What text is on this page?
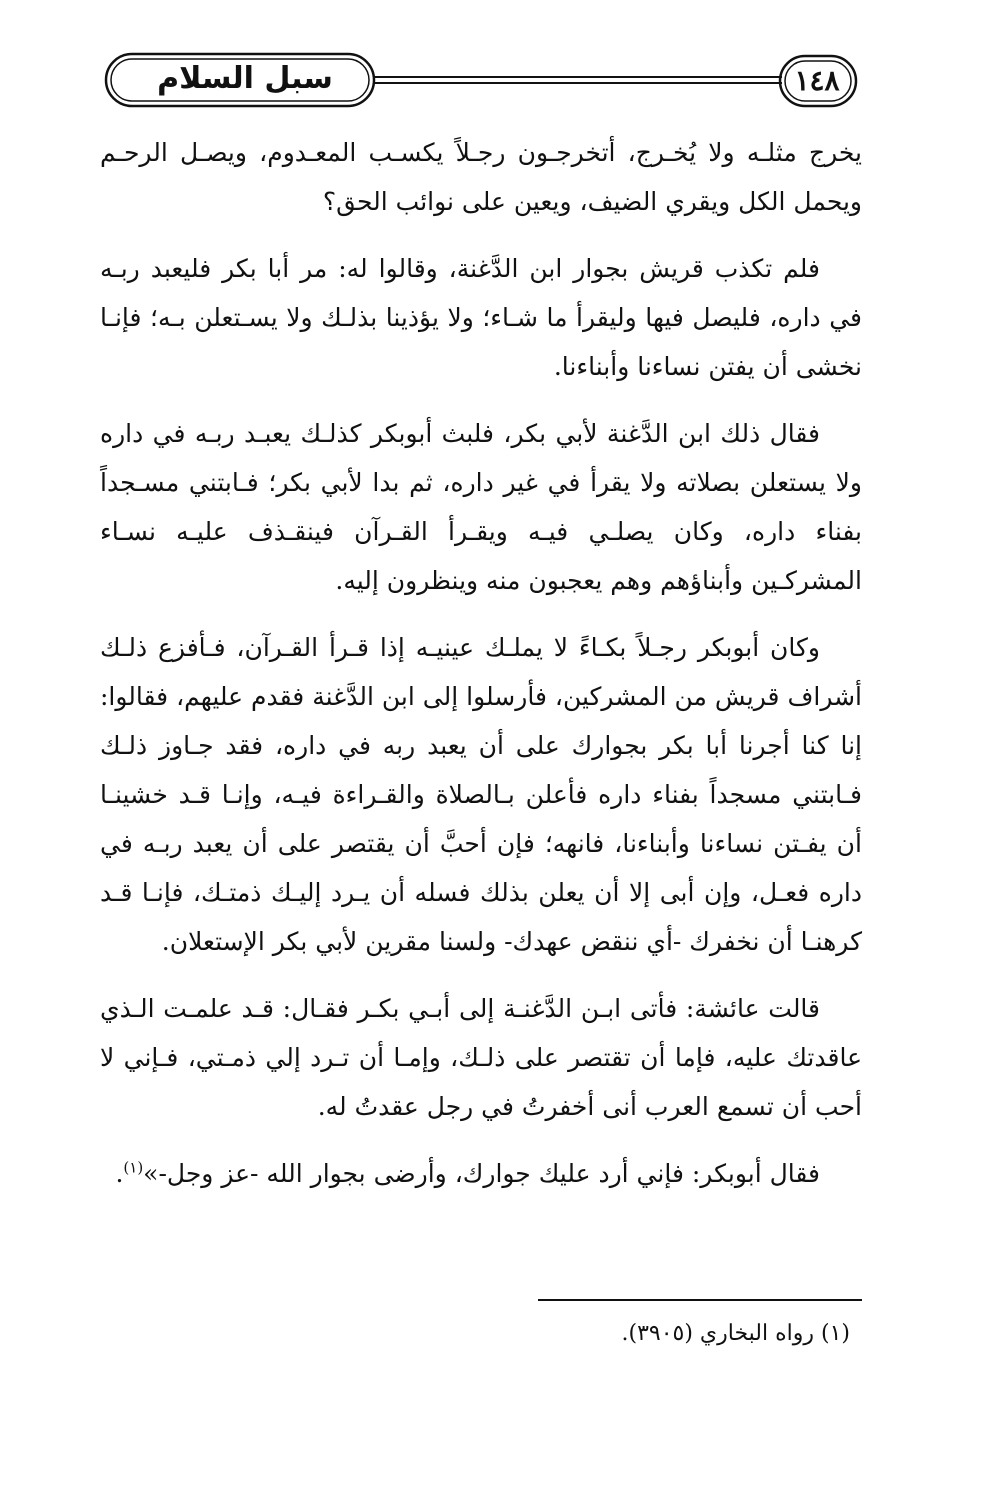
سبل السلام	١٤٨

يخرج مثلـه ولا يُخـرج، أتخرجـون رجـلاً يكسـب المعـدوم، ويصـل الرحـم ويحمل الكل ويقري الضيف، ويعين على نوائب الحق؟

فلم تكذب قريش بجوار ابن الدَّغنة، وقالوا له: مر أبا بكر فليعبد ربـه في داره، فليصل فيها وليقرأ ما شـاء؛ ولا يؤذينا بذلـك ولا يسـتعلن بـه؛ فإنـا نخشى أن يفتن نساءنا وأبناءنا.

فقال ذلك ابن الدَّغنة لأبي بكر، فلبث أبوبكر كذلـك يعبـد ربـه في داره ولا يستعلن بصلاته ولا يقرأ في غير داره، ثم بدا لأبي بكر؛ فـابتني مسـجداً بفناء داره، وكان يصلـي فيـه ويقـرأ القـرآن فينقـذف عليـه نسـاء المشركـين وأبناؤهم وهم يعجبون منه وينظرون إليه.

وكان أبوبكر رجـلاً بكـاءً لا يملـك عينيـه إذا قـرأ القـرآن، فـأفزع ذلـك أشراف قريش من المشركين، فأرسلوا إلى ابن الدَّغنة فقدم عليهم، فقالوا: إنا كنا أجرنا أبا بكر بجوارك على أن يعبد ربه في داره، فقد جـاوز ذلـك فـابتني مسجداً بفناء داره فأعلن بـالصلاة والقـراءة فيـه، وإنـا قـد خشينـا أن يفـتن نساءنا وأبناءنا، فانهه؛ فإن أحبَّ أن يقتصر على أن يعبد ربـه في داره فعـل، وإن أبى إلا أن يعلن بذلك فسله أن يـرد إليـك ذمتـك، فإنـا قـد كرهنـا أن نخفرك -أي ننقض عهدك- ولسنا مقرين لأبي بكر الإستعلان.

قالت عائشة: فأتى ابـن الدَّغنـة إلى أبـي بكـر فقـال: قـد علمـت الـذي عاقدتك عليه، فإما أن تقتصر على ذلـك، وإمـا أن تـرد إلي ذمـتي، فـإني لا أحب أن تسمع العرب أنى أخفرتُ في رجل عقدتُ له.

فقال أبوبكر: فإني أرد عليك جوارك، وأرضى بجوار الله -عز وجل-»$^{(١)}$.

(١) رواه البخاري (٣٩٠٥).
